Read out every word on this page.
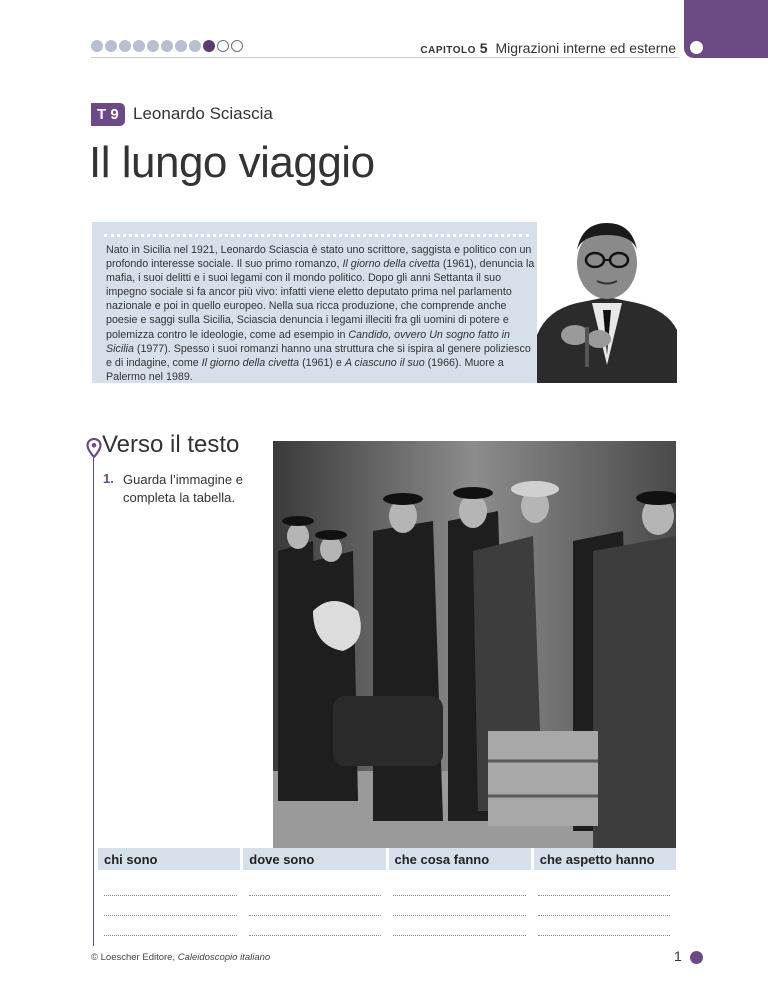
CAPITOLO 5 Migrazioni interne ed esterne
T 9 Leonardo Sciascia
Il lungo viaggio

Nato in Sicilia nel 1921, Leonardo Sciascia è stato uno scrittore, saggista e politico con un profondo interesse sociale. Il suo primo romanzo, Il giorno della civetta (1961), denuncia la mafia, i suoi delitti e i suoi legami con il mondo politico. Dopo gli anni Settanta il suo impegno sociale si fa ancor più vivo: infatti viene eletto deputato prima nel parlamento nazionale e poi in quello europeo. Nella sua ricca produzione, che comprende anche poesie e saggi sulla Sicilia, Sciascia denuncia i legami illeciti fra gli uomini di potere e polemizza contro le ideologie, come ad esempio in Candido, ovvero Un sogno fatto in Sicilia (1977). Spesso i suoi romanzi hanno una struttura che si ispira al genere poliziesco e di indagine, come Il giorno della civetta (1961) e A ciascuno il suo (1966). Muore a Palermo nel 1989.

Verso il testo
1. Guarda l’immagine e completa la tabella.
chi sono	dove sono	che cosa fanno	che aspetto hanno
© Loescher Editore, Caleidoscopio italiano	1
